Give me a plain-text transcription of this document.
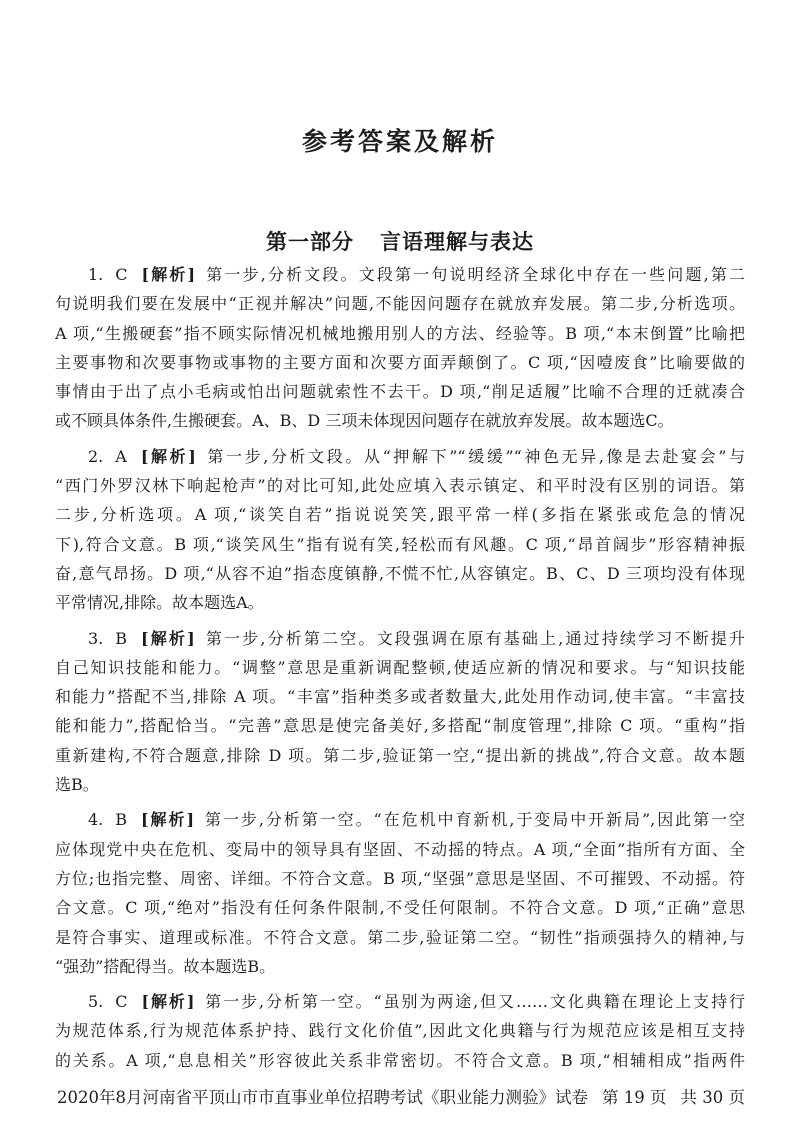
参考答案及解析
第一部分 言语理解与表达
1. C [解析] 第一步,分析文段。文段第一句说明经济全球化中存在一些问题,第二
句说明我们要在发展中“正视并解决”问题,不能因问题存在就放弃发展。第二步,分析选项。
A 项,“生搬硬套”指不顾实际情况机械地搬用别人的方法、经验等。B 项,“本末倒置”比喻把
主要事物和次要事物或事物的主要方面和次要方面弄颠倒了。C 项,“因噎废食”比喻要做的
事情由于出了点小毛病或怕出问题就索性不去干。D 项,“削足适履”比喻不合理的迁就凑合
或不顾具体条件,生搬硬套。A、B、D 三项未体现因问题存在就放弃发展。故本题选C。
2. A [解析] 第一步,分析文段。从“押解下”“缓缓”“神色无异,像是去赴宴会”与
“西门外罗汉林下响起枪声”的对比可知,此处应填入表示镇定、和平时没有区别的词语。第
二步,分析选项。A 项,“谈笑自若”指说说笑笑,跟平常一样(多指在紧张或危急的情况
下),符合文意。B 项,“谈笑风生”指有说有笑,轻松而有风趣。C 项,“昂首阔步”形容精神振
奋,意气昂扬。D 项,“从容不迫”指态度镇静,不慌不忙,从容镇定。B、C、D 三项均没有体现
平常情况,排除。故本题选A。
3. B [解析] 第一步,分析第二空。文段强调在原有基础上,通过持续学习不断提升
自己知识技能和能力。“调整”意思是重新调配整顿,使适应新的情况和要求。与“知识技能
和能力”搭配不当,排除 A 项。“丰富”指种类多或者数量大,此处用作动词,使丰富。“丰富技
能和能力”,搭配恰当。“完善”意思是使完备美好,多搭配“制度管理”,排除 C 项。“重构”指
重新建构,不符合题意,排除 D 项。第二步,验证第一空,“提出新的挑战”,符合文意。故本题
选B。
4. B [解析] 第一步,分析第一空。“在危机中育新机,于变局中开新局”,因此第一空
应体现党中央在危机、变局中的领导具有坚固、不动摇的特点。A 项,“全面”指所有方面、全
方位;也指完整、周密、详细。不符合文意。B 项,“坚强”意思是坚固、不可摧毁、不动摇。符
合文意。C 项,“绝对”指没有任何条件限制,不受任何限制。不符合文意。D 项,“正确”意思
是符合事实、道理或标准。不符合文意。第二步,验证第二空。“韧性”指顽强持久的精神,与
“强劲”搭配得当。故本题选B。
5. C [解析] 第一步,分析第一空。“虽别为两途,但又……文化典籍在理论上支持行
为规范体系,行为规范体系护持、践行文化价值”,因此文化典籍与行为规范应该是相互支持
的关系。A 项,“息息相关”形容彼此关系非常密切。不符合文意。B 项,“相辅相成”指两件
2020年8月河南省平顶山市市直事业单位招聘考试《职业能力测验》试卷 第 19 页 共 30 页
